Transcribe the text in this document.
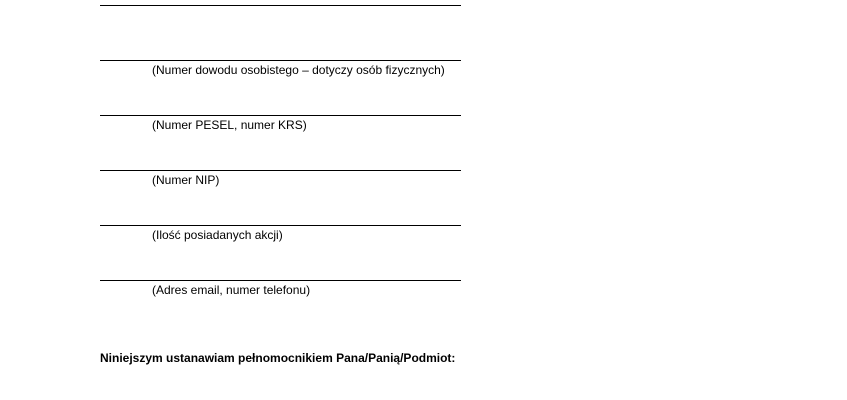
(Numer dowodu osobistego – dotyczy osób fizycznych)
(Numer PESEL, numer KRS)
(Numer NIP)
(Ilość posiadanych akcji)
(Adres email, numer telefonu)
Niniejszym ustanawiam pełnomocnikiem Pana/Panią/Podmiot:
